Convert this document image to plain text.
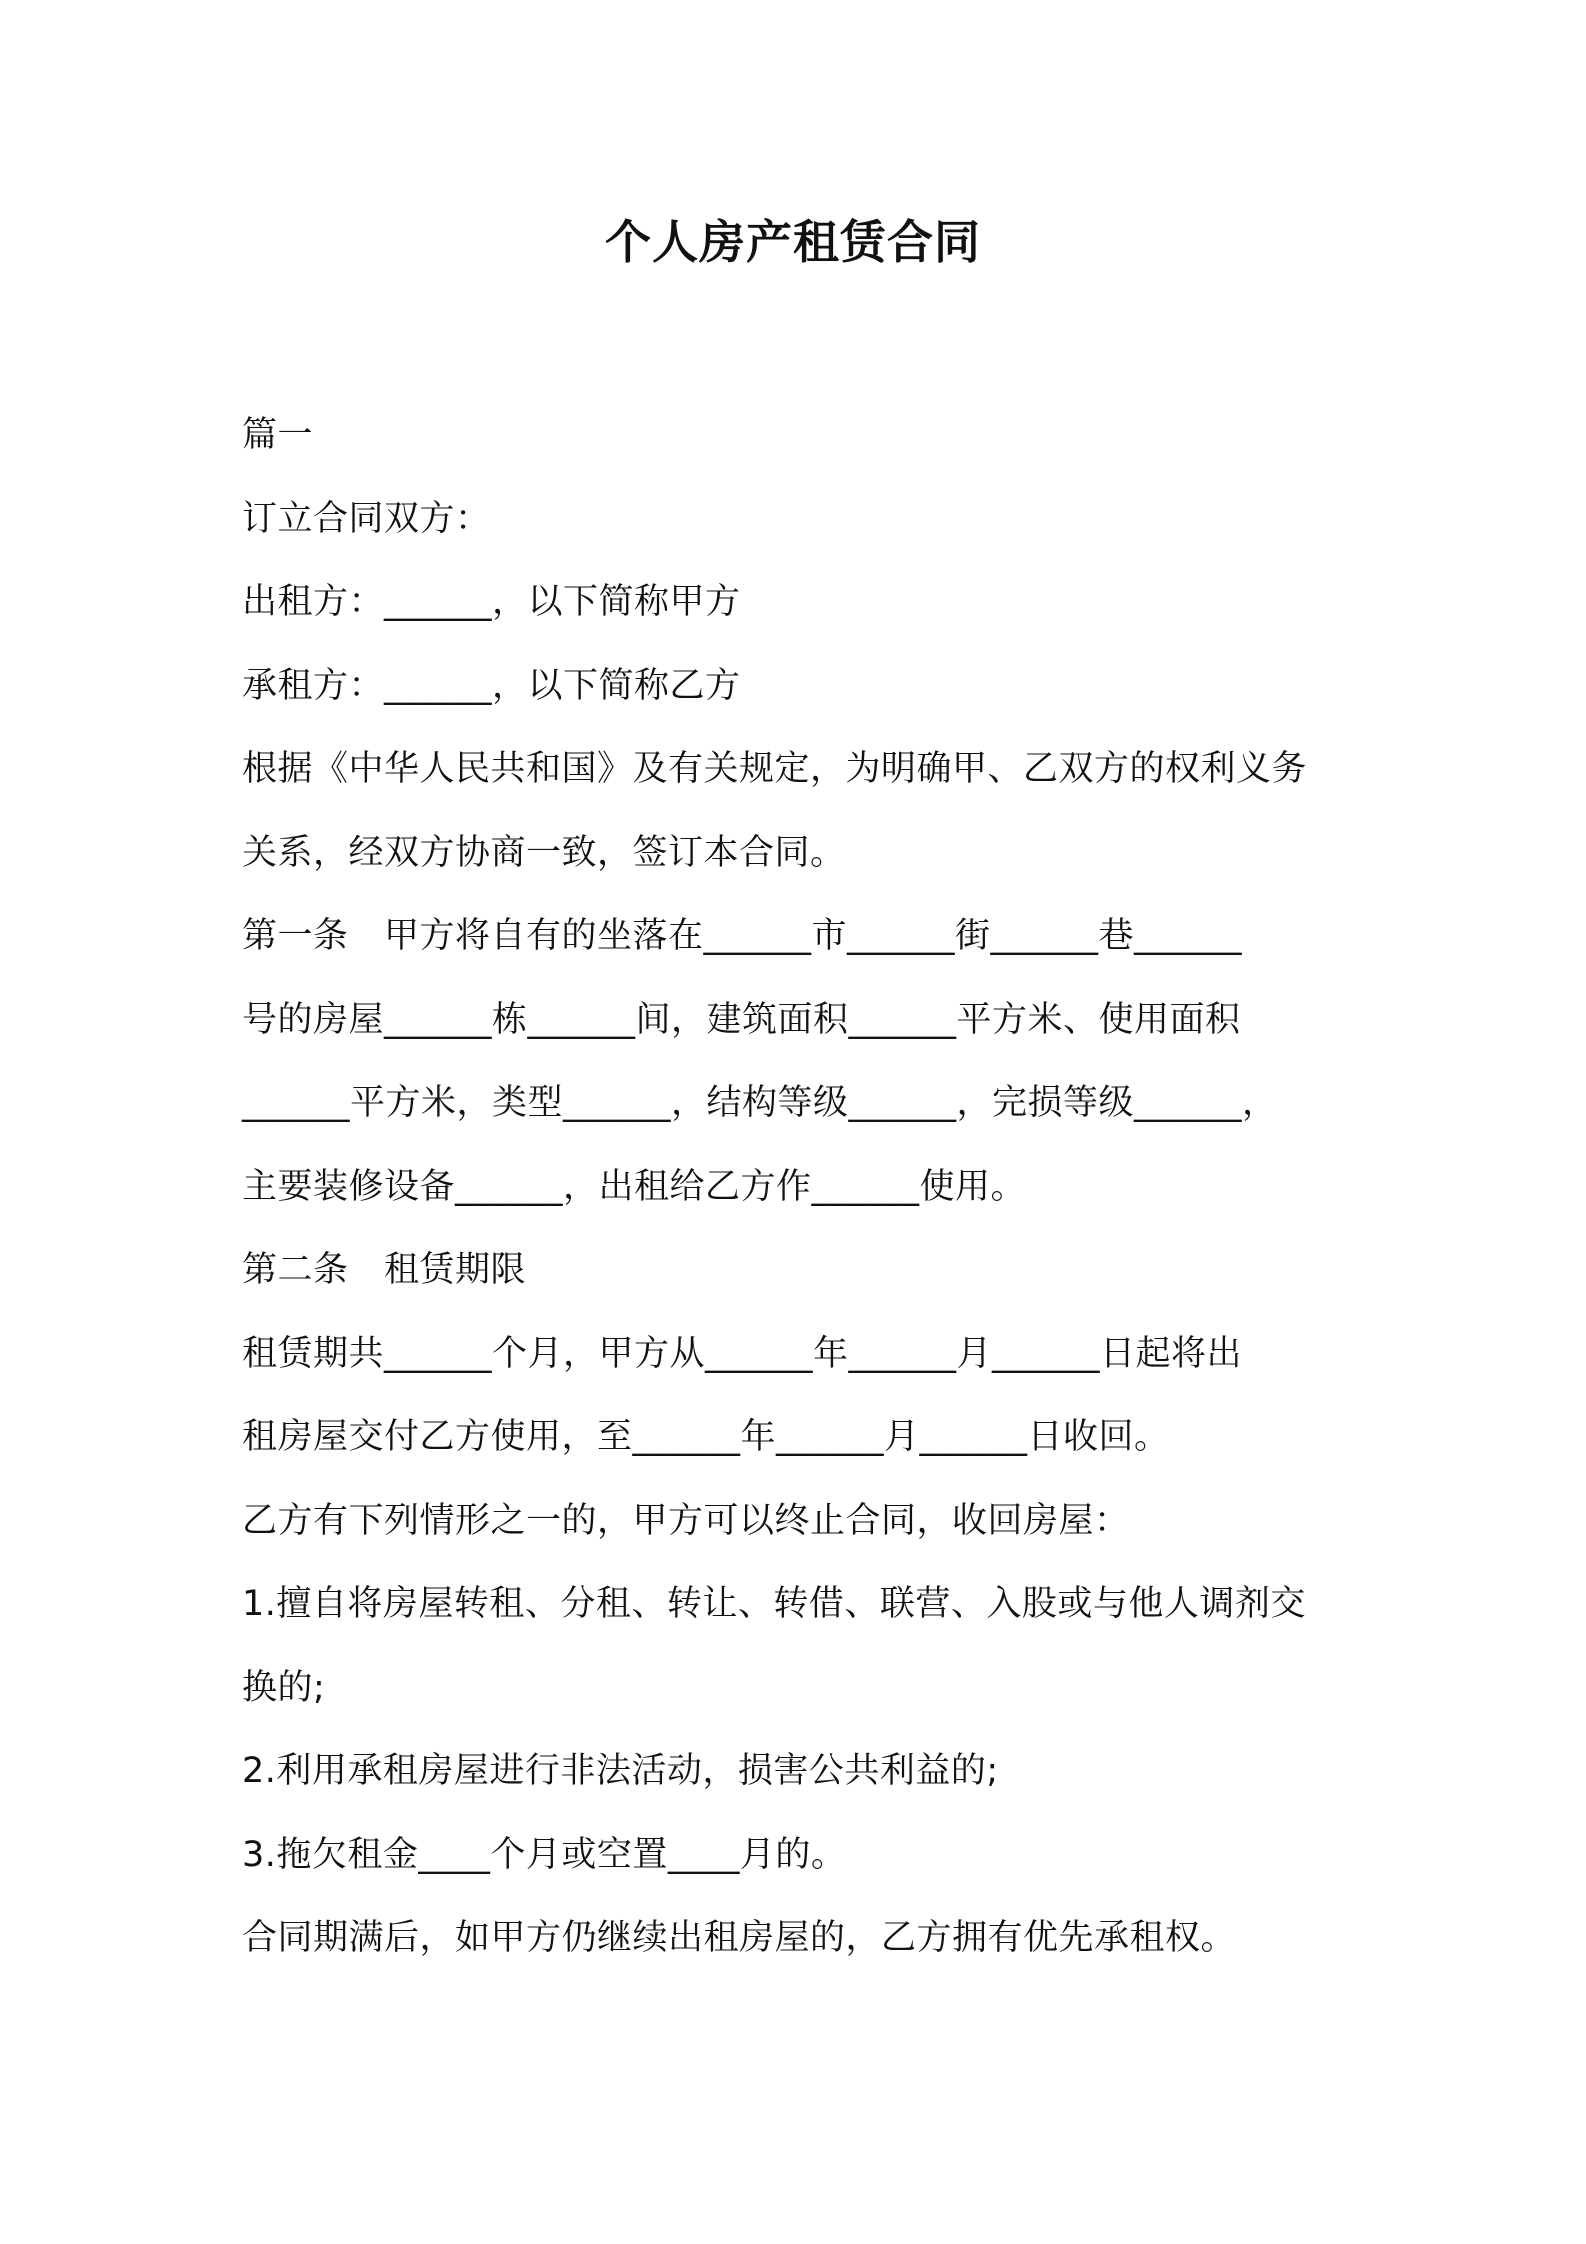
个人房产租赁合同
篇一
订立合同双方：
出租方：______，以下简称甲方
承租方：______，以下简称乙方
根据《中华人民共和国》及有关规定，为明确甲、乙双方的权利义务
关系，经双方协商一致，签订本合同。
第一条　甲方将自有的坐落在______市______街______巷______
号的房屋______栋______间，建筑面积______平方米、使用面积
______平方米，类型______，结构等级______，完损等级______，
主要装修设备______，出租给乙方作______使用。
第二条　租赁期限
租赁期共______个月，甲方从______年______月______日起将出
租房屋交付乙方使用，至______年______月______日收回。
乙方有下列情形之一的，甲方可以终止合同，收回房屋：
1.擅自将房屋转租、分租、转让、转借、联营、入股或与他人调剂交
换的;
2.利用承租房屋进行非法活动，损害公共利益的;
3.拖欠租金____个月或空置____月的。
合同期满后，如甲方仍继续出租房屋的，乙方拥有优先承租权。
